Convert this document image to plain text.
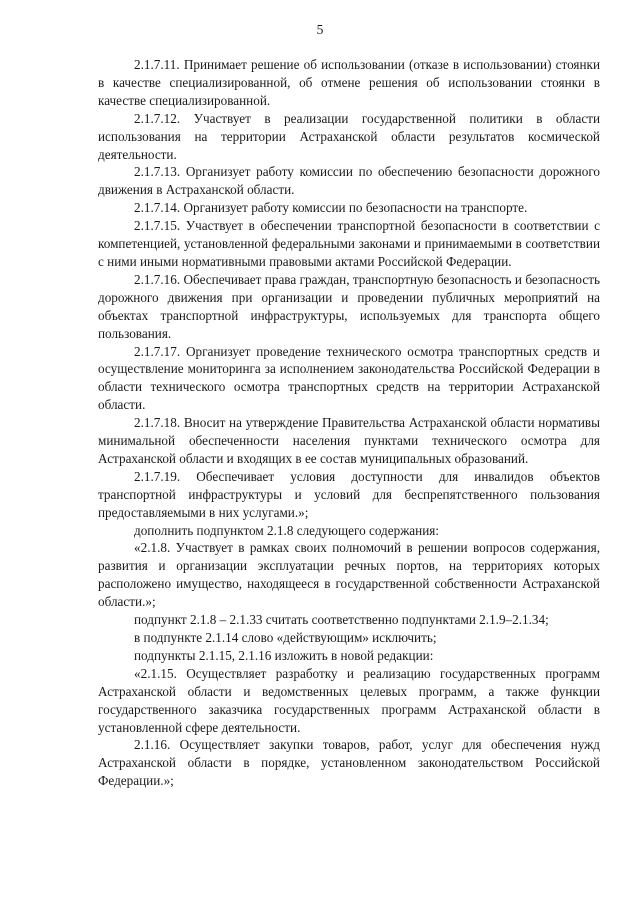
5

2.1.7.11. Принимает решение об использовании (отказе в использовании) стоянки в качестве специализированной, об отмене решения об использовании стоянки в качестве специализированной.

2.1.7.12. Участвует в реализации государственной политики в области использования на территории Астраханской области результатов космической деятельности.

2.1.7.13. Организует работу комиссии по обеспечению безопасности дорожного движения в Астраханской области.

2.1.7.14. Организует работу комиссии по безопасности на транспорте.

2.1.7.15. Участвует в обеспечении транспортной безопасности в соответствии с компетенцией, установленной федеральными законами и принимаемыми в соответствии с ними иными нормативными правовыми актами Российской Федерации.

2.1.7.16. Обеспечивает права граждан, транспортную безопасность и безопасность дорожного движения при организации и проведении публичных мероприятий на объектах транспортной инфраструктуры, используемых для транспорта общего пользования.

2.1.7.17. Организует проведение технического осмотра транспортных средств и осуществление мониторинга за исполнением законодательства Российской Федерации в области технического осмотра транспортных средств на территории Астраханской области.

2.1.7.18. Вносит на утверждение Правительства Астраханской области нормативы минимальной обеспеченности населения пунктами технического осмотра для Астраханской области и входящих в ее состав муниципальных образований.

2.1.7.19. Обеспечивает условия доступности для инвалидов объектов транспортной инфраструктуры и условий для беспрепятственного пользования предоставляемыми в них услугами.»;

дополнить подпунктом 2.1.8 следующего содержания:

«2.1.8. Участвует в рамках своих полномочий в решении вопросов содержания, развития и организации эксплуатации речных портов, на территориях которых расположено имущество, находящееся в государственной собственности Астраханской области.»;

подпункт 2.1.8 – 2.1.33 считать соответственно подпунктами 2.1.9–2.1.34;

в подпункте 2.1.14 слово «действующим» исключить;

подпункты 2.1.15, 2.1.16 изложить в новой редакции:

«2.1.15. Осуществляет разработку и реализацию государственных программ Астраханской области и ведомственных целевых программ, а также функции государственного заказчика государственных программ Астраханской области в установленной сфере деятельности.

2.1.16. Осуществляет закупки товаров, работ, услуг для обеспечения нужд Астраханской области в порядке, установленном законодательством Российской Федерации.»;
